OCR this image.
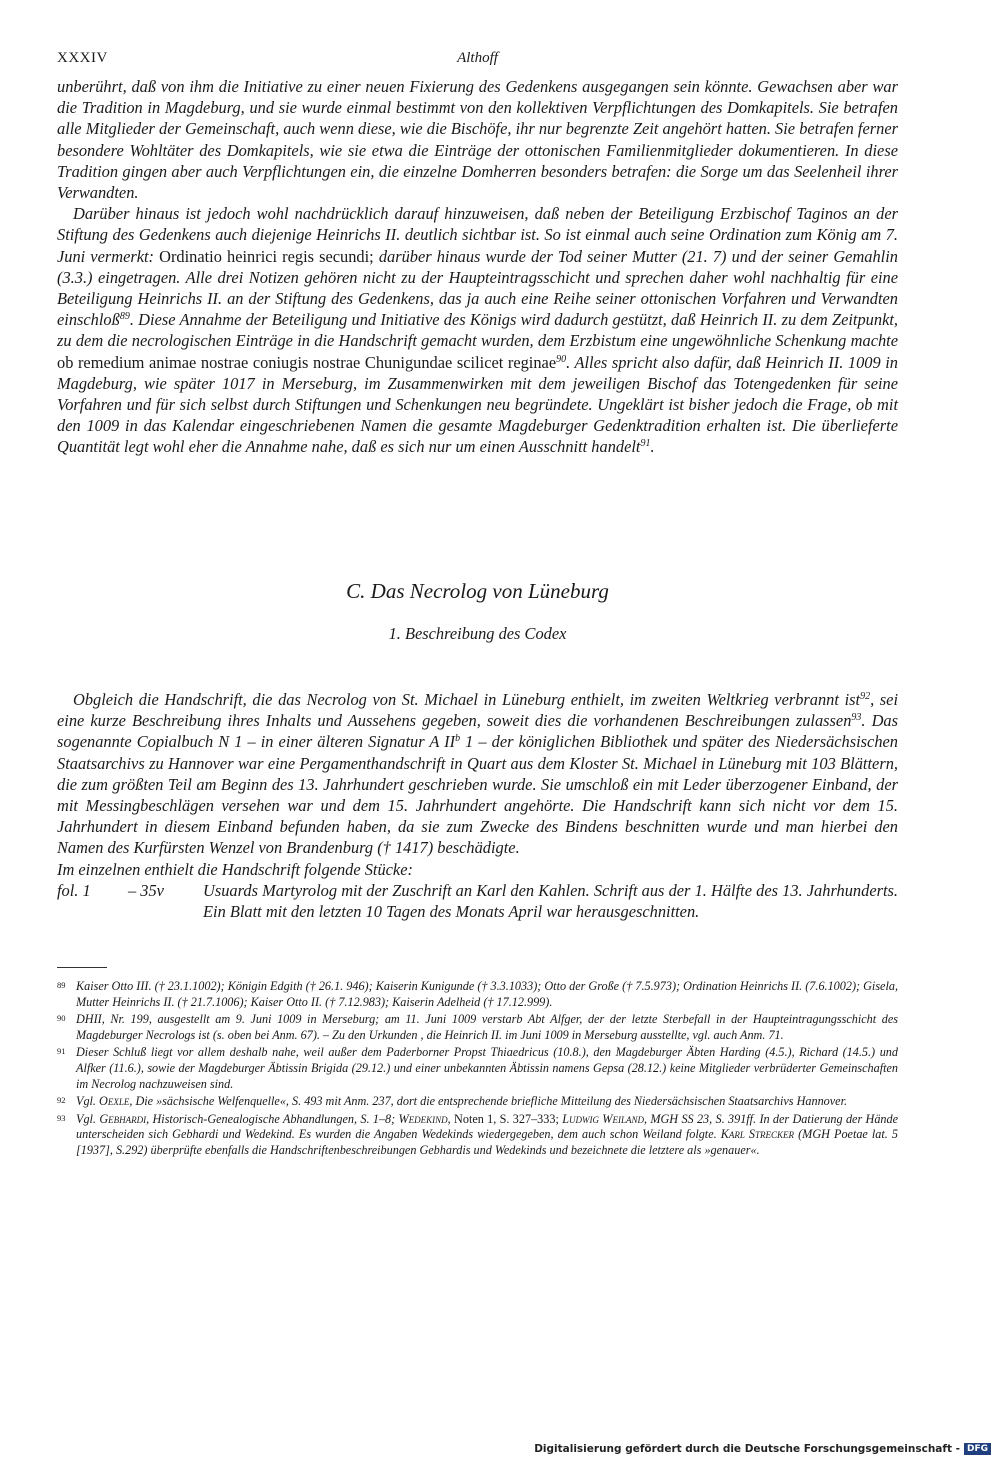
XXXIV	Althoff

unberührt, daß von ihm die Initiative zu einer neuen Fixierung des Gedenkens ausgegangen sein könnte. Gewachsen aber war die Tradition in Magdeburg, und sie wurde einmal bestimmt von den kollektiven Verpflichtungen des Domkapitels. Sie betrafen alle Mitglieder der Gemeinschaft, auch wenn diese, wie die Bischöfe, ihr nur begrenzte Zeit angehört hatten. Sie betrafen ferner besondere Wohltäter des Domkapitels, wie sie etwa die Einträge der ottonischen Familienmitglieder dokumentieren. In diese Tradition gingen aber auch Verpflichtungen ein, die einzelne Domherren besonders betrafen: die Sorge um das Seelenheil ihrer Verwandten.

Darüber hinaus ist jedoch wohl nachdrücklich darauf hinzuweisen, daß neben der Beteiligung Erzbischof Taginos an der Stiftung des Gedenkens auch diejenige Heinrichs II. deutlich sichtbar ist. So ist einmal auch seine Ordination zum König am 7. Juni vermerkt: Ordinatio heinrici regis secundi; darüber hinaus wurde der Tod seiner Mutter (21. 7) und der seiner Gemahlin (3.3.) eingetragen. Alle drei Notizen gehören nicht zu der Haupteintragsschicht und sprechen daher wohl nachhaltig für eine Beteiligung Heinrichs II. an der Stiftung des Gedenkens, das ja auch eine Reihe seiner ottonischen Vorfahren und Verwandten einschloß$^{89}$. Diese Annahme der Beteiligung und Initiative des Königs wird dadurch gestützt, daß Heinrich II. zu dem Zeitpunkt, zu dem die necrologischen Einträge in die Handschrift gemacht wurden, dem Erzbistum eine ungewöhnliche Schenkung machte ob remedium animae nostrae coniugis nostrae Chunigundae scilicet reginae$^{90}$. Alles spricht also dafür, daß Heinrich II. 1009 in Magdeburg, wie später 1017 in Merseburg, im Zusammenwirken mit dem jeweiligen Bischof das Totengedenken für seine Vorfahren und für sich selbst durch Stiftungen und Schenkungen neu begründete. Ungeklärt ist bisher jedoch die Frage, ob mit den 1009 in das Kalendar eingeschriebenen Namen die gesamte Magdeburger Gedenktradition erhalten ist. Die überlieferte Quantität legt wohl eher die Annahme nahe, daß es sich nur um einen Ausschnitt handelt$^{91}$.

C. Das Necrolog von Lüneburg
1. Beschreibung des Codex

Obgleich die Handschrift, die das Necrolog von St. Michael in Lüneburg enthielt, im zweiten Weltkrieg verbrannt ist$^{92}$, sei eine kurze Beschreibung ihres Inhalts und Aussehens gegeben, soweit dies die vorhandenen Beschreibungen zulassen$^{93}$. Das sogenannte Copialbuch N 1 – in einer älteren Signatur A $II^b$ 1 – der königlichen Bibliothek und später des Niedersächsischen Staatsarchivs zu Hannover war eine Pergamenthandschrift in Quart aus dem Kloster St. Michael in Lüneburg mit 103 Blättern, die zum größten Teil am Beginn des 13. Jahrhundert geschrieben wurde. Sie umschloß ein mit Leder überzogener Einband, der mit Messingbeschlägen versehen war und dem 15. Jahrhundert angehörte. Die Handschrift kann sich nicht vor dem 15. Jahrhundert in diesem Einband befunden haben, da sie zum Zwecke des Bindens beschnitten wurde und man hierbei den Namen des Kurfürsten Wenzel von Brandenburg († 1417) beschädigte.

Im einzelnen enthielt die Handschrift folgende Stücke:

fol. 1 – 35v Usuards Martyrolog mit der Zuschrift an Karl den Kahlen. Schrift aus der 1. Hälfte des 13. Jahrhunderts. Ein Blatt mit den letzten 10 Tagen des Monats April war herausgeschnitten.

89 Kaiser Otto III. († 23.1.1002); Königin Edgith († 26.1. 946); Kaiserin Kunigunde († 3.3.1033); Otto der Große († 7.5.973); Ordination Heinrichs II. (7.6.1002); Gisela, Mutter Heinrichs II. († 21.7.1006); Kaiser Otto II. († 7.12.983); Kaiserin Adelheid († 17.12.999).

90 DHII, Nr. 199, ausgestellt am 9. Juni 1009 in Merseburg; am 11. Juni 1009 verstarb Abt Alfger, der der letzte Sterbefall in der Haupteintragungsschicht des Magdeburger Necrologs ist (s. oben bei Anm. 67). – Zu den Urkunden , die Heinrich II. im Juni 1009 in Merseburg ausstellte, vgl. auch Anm. 71.

91 Dieser Schluß liegt vor allem deshalb nahe, weil außer dem Paderborner Propst Thiaedricus (10.8.), den Magdeburger Äbten Harding (4.5.), Richard (14.5.) und Alfker (11.6.), sowie der Magdeburger Äbtissin Brigida (29.12.) und einer unbekannten Äbtissin namens Gepsa (28.12.) keine Mitglieder verbrüderter Gemeinschaften im Necrolog nachzuweisen sind.

92 Vgl. Oexle, Die »sächsische Welfenquelle«, S. 493 mit Anm. 237, dort die entsprechende briefliche Mitteilung des Niedersächsischen Staatsarchivs Hannover.

93 Vgl. Gebhardi, Historisch-Genealogische Abhandlungen, S. 1–8; Wedekind, Noten 1, S. 327–333; Ludwig Weiland, MGH SS 23, S. 391ff. In der Datierung der Hände unterscheiden sich Gebhardi und Wedekind. Es wurden die Angaben Wedekinds wiedergegeben, dem auch schon Weiland folgte. Karl Strecker (MGH Poetae lat. 5 [1937], S.292) überprüfte ebenfalls die Handschriftenbeschreibungen Gebhardis und Wedekinds und bezeichnete die letztere als »genauer«.

Digitalisierung gefördert durch die Deutsche Forschungsgemeinschaft - DFG
